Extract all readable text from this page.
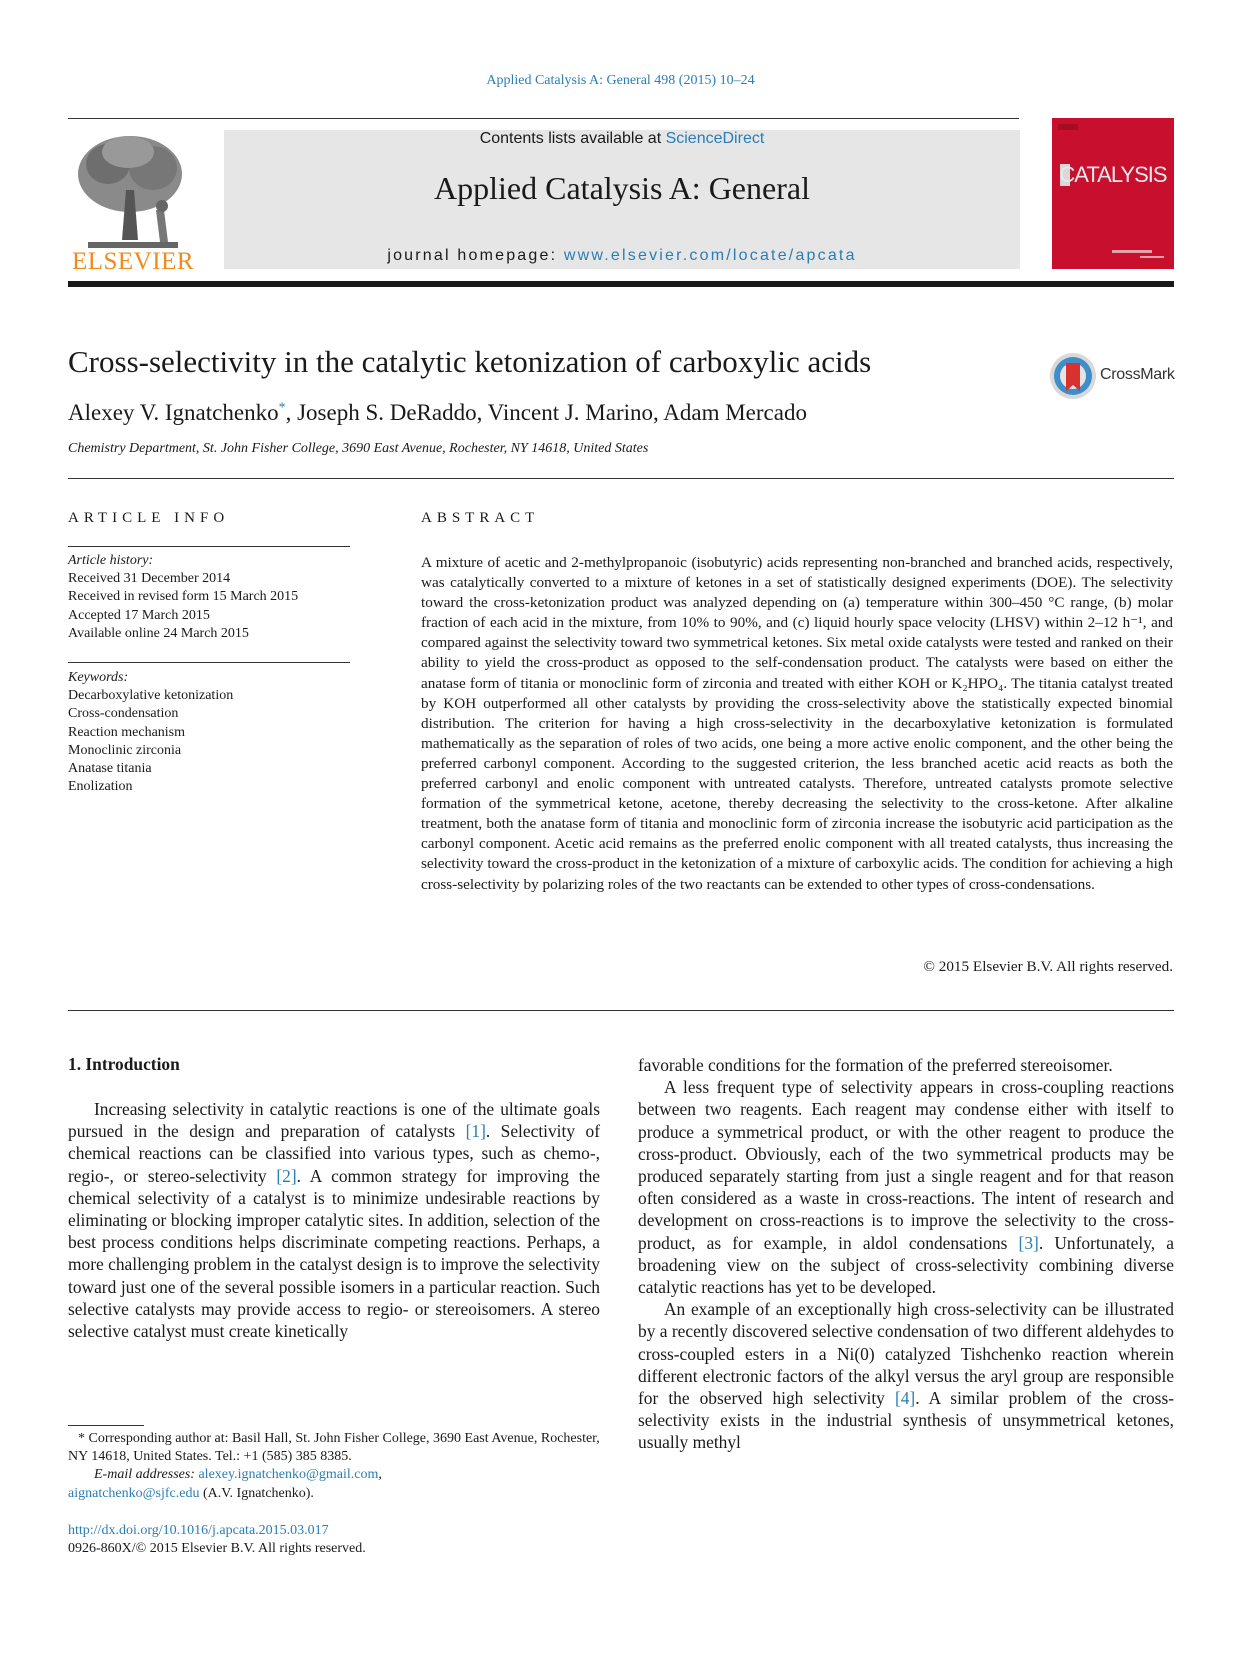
Applied Catalysis A: General 498 (2015) 10–24
ELSEVIER
Contents lists available at ScienceDirect
Applied Catalysis A: General
journal homepage: www.elsevier.com/locate/apcata
CATALYSIS
Cross-selectivity in the catalytic ketonization of carboxylic acids	CrossMark
Alexey V. Ignatchenko*, Joseph S. DeRaddo, Vincent J. Marino, Adam Mercado
Chemistry Department, St. John Fisher College, 3690 East Avenue, Rochester, NY 14618, United States
ARTICLE INFO
Article history:
Received 31 December 2014
Received in revised form 15 March 2015
Accepted 17 March 2015
Available online 24 March 2015
Keywords:
Decarboxylative ketonization
Cross-condensation
Reaction mechanism
Monoclinic zirconia
Anatase titania
Enolization
ABSTRACT
A mixture of acetic and 2-methylpropanoic (isobutyric) acids representing non-branched and branched acids, respectively, was catalytically converted to a mixture of ketones in a set of statistically designed experiments (DOE). The selectivity toward the cross-ketonization product was analyzed depending on (a) temperature within 300–450 °C range, (b) molar fraction of each acid in the mixture, from 10% to 90%, and (c) liquid hourly space velocity (LHSV) within 2–12 h⁻¹, and compared against the selectivity toward two symmetrical ketones. Six metal oxide catalysts were tested and ranked on their ability to yield the cross-product as opposed to the self-condensation product. The catalysts were based on either the anatase form of titania or monoclinic form of zirconia and treated with either KOH or K₂HPO₄. The titania catalyst treated by KOH outperformed all other catalysts by providing the cross-selectivity above the statistically expected binomial distribution. The criterion for having a high cross-selectivity in the decarboxylative ketonization is formulated mathematically as the separation of roles of two acids, one being a more active enolic component, and the other being the preferred carbonyl component. According to the suggested criterion, the less branched acetic acid reacts as both the preferred carbonyl and enolic component with untreated catalysts. Therefore, untreated catalysts promote selective formation of the symmetrical ketone, acetone, thereby decreasing the selectivity to the cross-ketone. After alkaline treatment, both the anatase form of titania and monoclinic form of zirconia increase the isobutyric acid participation as the carbonyl component. Acetic acid remains as the preferred enolic component with all treated catalysts, thus increasing the selectivity toward the cross-product in the ketonization of a mixture of carboxylic acids. The condition for achieving a high cross-selectivity by polarizing roles of the two reactants can be extended to other types of cross-condensations.
© 2015 Elsevier B.V. All rights reserved.
1. Introduction

Increasing selectivity in catalytic reactions is one of the ultimate goals pursued in the design and preparation of catalysts [1]. Selectivity of chemical reactions can be classified into various types, such as chemo-, regio-, or stereo-selectivity [2]. A common strategy for improving the chemical selectivity of a catalyst is to minimize undesirable reactions by eliminating or blocking improper catalytic sites. In addition, selection of the best process conditions helps discriminate competing reactions. Perhaps, a more challenging problem in the catalyst design is to improve the selectivity toward just one of the several possible isomers in a particular reaction. Such selective catalysts may provide access to regio- or stereoisomers. A stereo selective catalyst must create kinetically

favorable conditions for the formation of the preferred stereoisomer.

A less frequent type of selectivity appears in cross-coupling reactions between two reagents. Each reagent may condense either with itself to produce a symmetrical product, or with the other reagent to produce the cross-product. Obviously, each of the two symmetrical products may be produced separately starting from just a single reagent and for that reason often considered as a waste in cross-reactions. The intent of research and development on cross-reactions is to improve the selectivity to the cross-product, as for example, in aldol condensations [3]. Unfortunately, a broadening view on the subject of cross-selectivity combining diverse catalytic reactions has yet to be developed.

An example of an exceptionally high cross-selectivity can be illustrated by a recently discovered selective condensation of two different aldehydes to cross-coupled esters in a Ni(0) catalyzed Tishchenko reaction wherein different electronic factors of the alkyl versus the aryl group are responsible for the observed high selectivity [4]. A similar problem of the cross-selectivity exists in the industrial synthesis of unsymmetrical ketones, usually methyl

* Corresponding author at: Basil Hall, St. John Fisher College, 3690 East Avenue, Rochester, NY 14618, United States. Tel.: +1 (585) 385 8385.
E-mail addresses: alexey.ignatchenko@gmail.com,
aignatchenko@sjfc.edu (A.V. Ignatchenko).
http://dx.doi.org/10.1016/j.apcata.2015.03.017
0926-860X/© 2015 Elsevier B.V. All rights reserved.
